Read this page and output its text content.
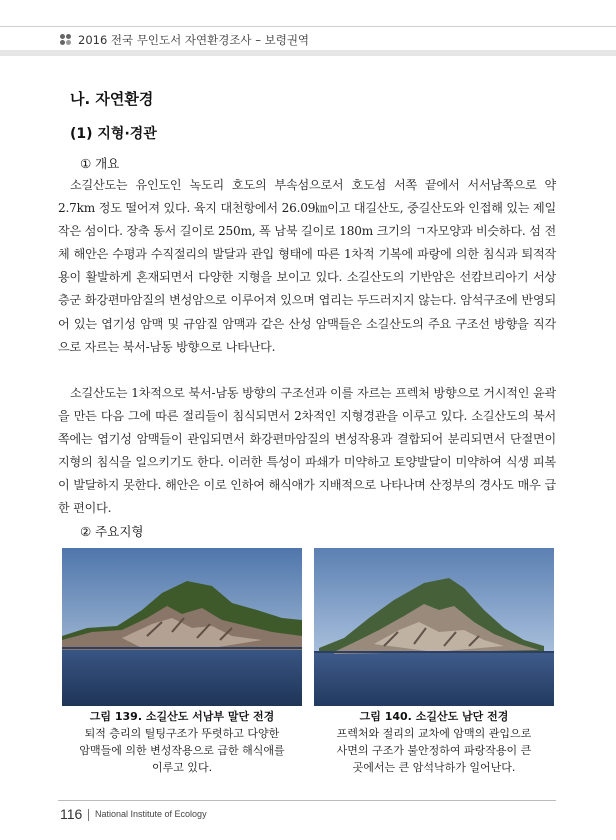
2016 전국 무인도서 자연환경조사 – 보령권역
나. 자연환경
(1) 지형·경관
① 개요

소길산도는 유인도인 녹도리 호도의 부속섬으로서 호도섬 서쪽 끝에서 서서남쪽으로 약 2.7km 정도 떨어져 있다. 육지 대천항에서 26.09㎞이고 대길산도, 중길산도와 인접해 있는 제일 작은 섬이다. 장축 동서 길이로 250m, 폭 남북 길이로 180m 크기의 ㄱ자모양과 비슷하다. 섬 전체 해안은 수평과 수직절리의 발달과 관입 형태에 따른 1차적 기복에 파랑에 의한 침식과 퇴적작용이 활발하게 혼재되면서 다양한 지형을 보이고 있다. 소길산도의 기반암은 선캄브리아기 서상층군 화강편마암질의 변성암으로 이루어져 있으며 엽리는 두드러지지 않는다. 암석구조에 반영되어 있는 엽기성 암맥 및 규암질 암맥과 같은 산성 암맥들은 소길산도의 주요 구조선 방향을 직각으로 자르는 북서-남동 방향으로 나타난다.

소길산도는 1차적으로 북서-남동 방향의 구조선과 이를 자르는 프렉처 방향으로 거시적인 윤곽을 만든 다음 그에 따른 절리들이 침식되면서 2차적인 지형경관을 이루고 있다. 소길산도의 북서쪽에는 엽기성 암맥들이 관입되면서 화강편마암질의 변성작용과 결합되어 분리되면서 단절면이 지형의 침식을 일으키기도 한다. 이러한 특성이 파쇄가 미약하고 토양발달이 미약하여 식생 피복이 발달하지 못한다. 해안은 이로 인하여 해식애가 지배적으로 나타나며 산정부의 경사도 매우 급한 편이다.

② 주요지형
그림 139. 소길산도 서남부 말단 전경
퇴적 층리의 틸팅구조가 뚜렷하고 다양한
암맥들에 의한 변성작용으로 급한 해식애를
이루고 있다.
그림 140. 소길산도 남단 전경
프렉처와 절리의 교차에 암맥의 관입으로
사면의 구조가 불안정하여 파랑작용이 큰
곳에서는 큰 암석낙하가 일어난다.
116 National Institute of Ecology
